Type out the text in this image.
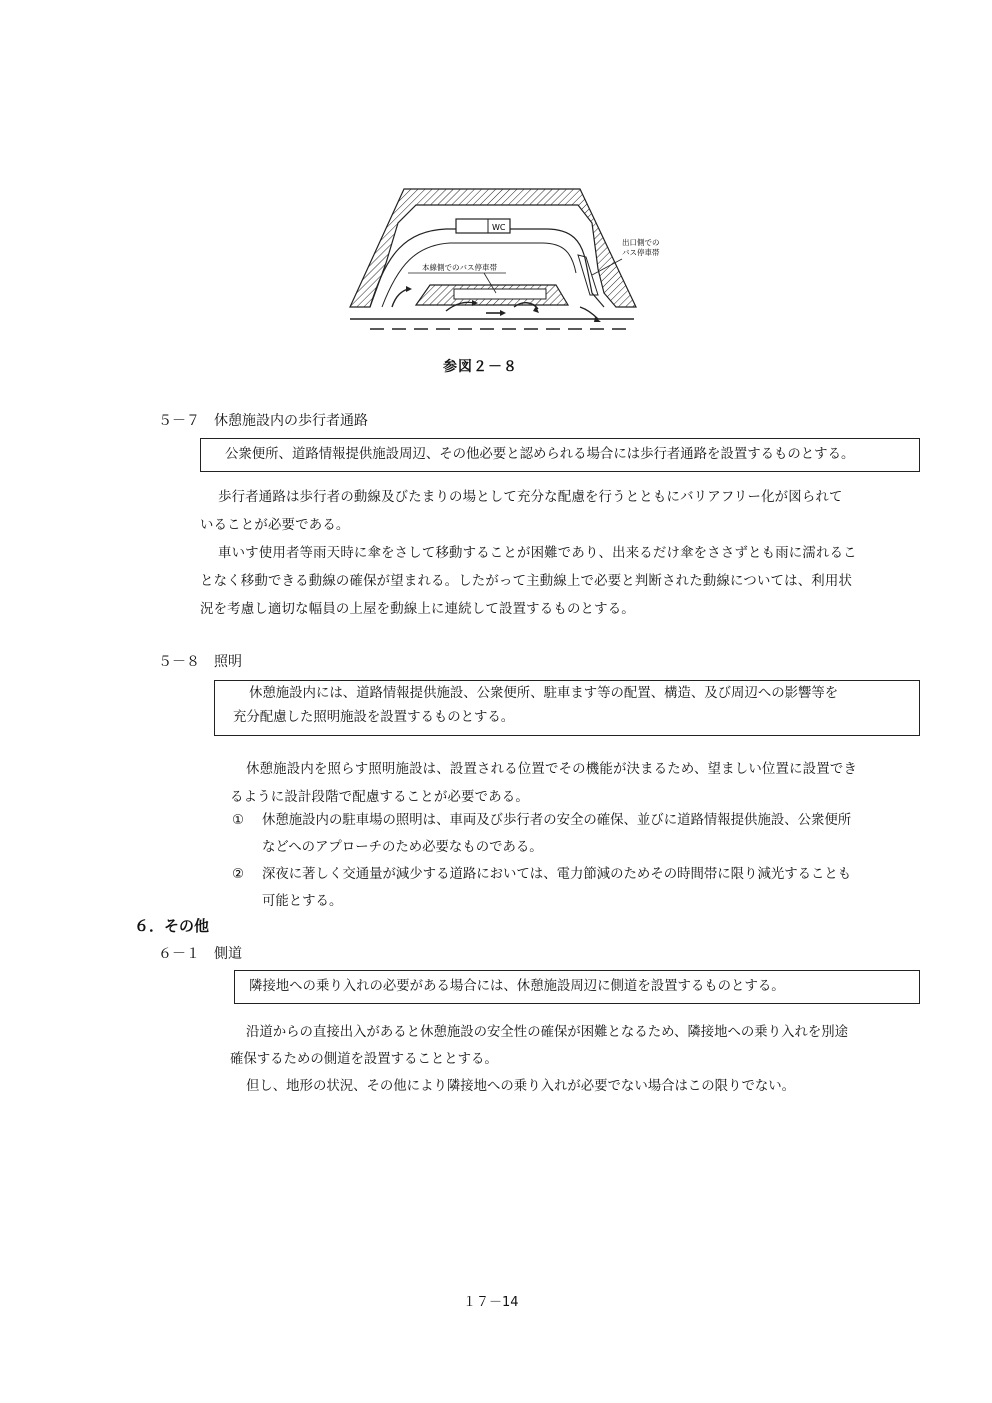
WC
本線側でのバス停車帯
出口側での
バス停車帯
参図２－８
５－７　休憩施設内の歩行者通路
公衆便所、道路情報提供施設周辺、その他必要と認められる場合には歩行者通路を設置するものとする。
歩行者通路は歩行者の動線及びたまりの場として充分な配慮を行うとともにバリアフリー化が図られて
いることが必要である。
車いす使用者等雨天時に傘をさして移動することが困難であり、出来るだけ傘をささずとも雨に濡れるこ
となく移動できる動線の確保が望まれる。したがって主動線上で必要と判断された動線については、利用状
況を考慮し適切な幅員の上屋を動線上に連続して設置するものとする。
５－８　照明
休憩施設内には、道路情報提供施設、公衆便所、駐車ます等の配置、構造、及び周辺への影響等を
充分配慮した照明施設を設置するものとする。
休憩施設内を照らす照明施設は、設置される位置でその機能が決まるため、望ましい位置に設置でき
るように設計段階で配慮することが必要である。
① 休憩施設内の駐車場の照明は、車両及び歩行者の安全の確保、並びに道路情報提供施設、公衆便所
などへのアプローチのため必要なものである。
② 深夜に著しく交通量が減少する道路においては、電力節減のためその時間帯に限り減光することも
可能とする。
６．その他
６－１　側道
隣接地への乗り入れの必要がある場合には、休憩施設周辺に側道を設置するものとする。
沿道からの直接出入があると休憩施設の安全性の確保が困難となるため、隣接地への乗り入れを別途
確保するための側道を設置することとする。
但し、地形の状況、その他により隣接地への乗り入れが必要でない場合はこの限りでない。
１７－14
